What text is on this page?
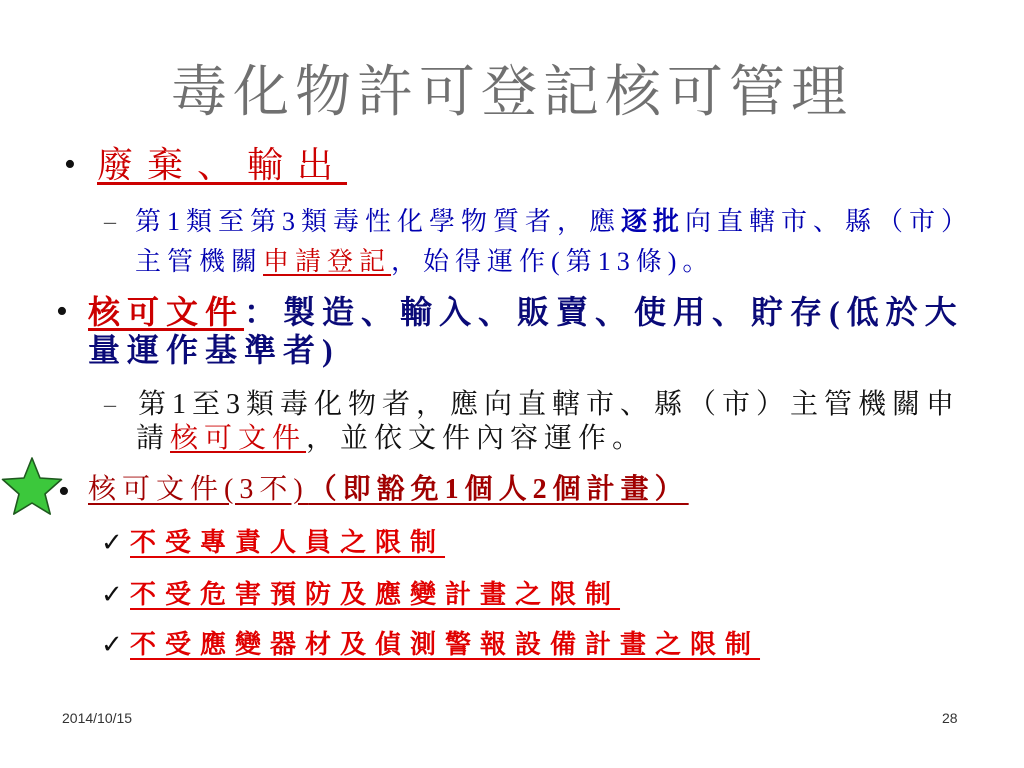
毒化物許可登記核可管理
• 廢棄、輸出
– 第1類至第3類毒性化學物質者，應逐批向直轄市、縣（市）
主管機關申請登記，始得運作(第13條)。
• 核可文件：製造、輸入、販賣、使用、貯存(低於大
量運作基準者)
– 第1至3類毒化物者，應向直轄市、縣（市）主管機關申
請核可文件，並依文件內容運作。
• 核可文件(3不)（即豁免1個人2個計畫）
✓ 不受專責人員之限制
✓ 不受危害預防及應變計畫之限制
✓ 不受應變器材及偵測警報設備計畫之限制
2014/10/15	28
